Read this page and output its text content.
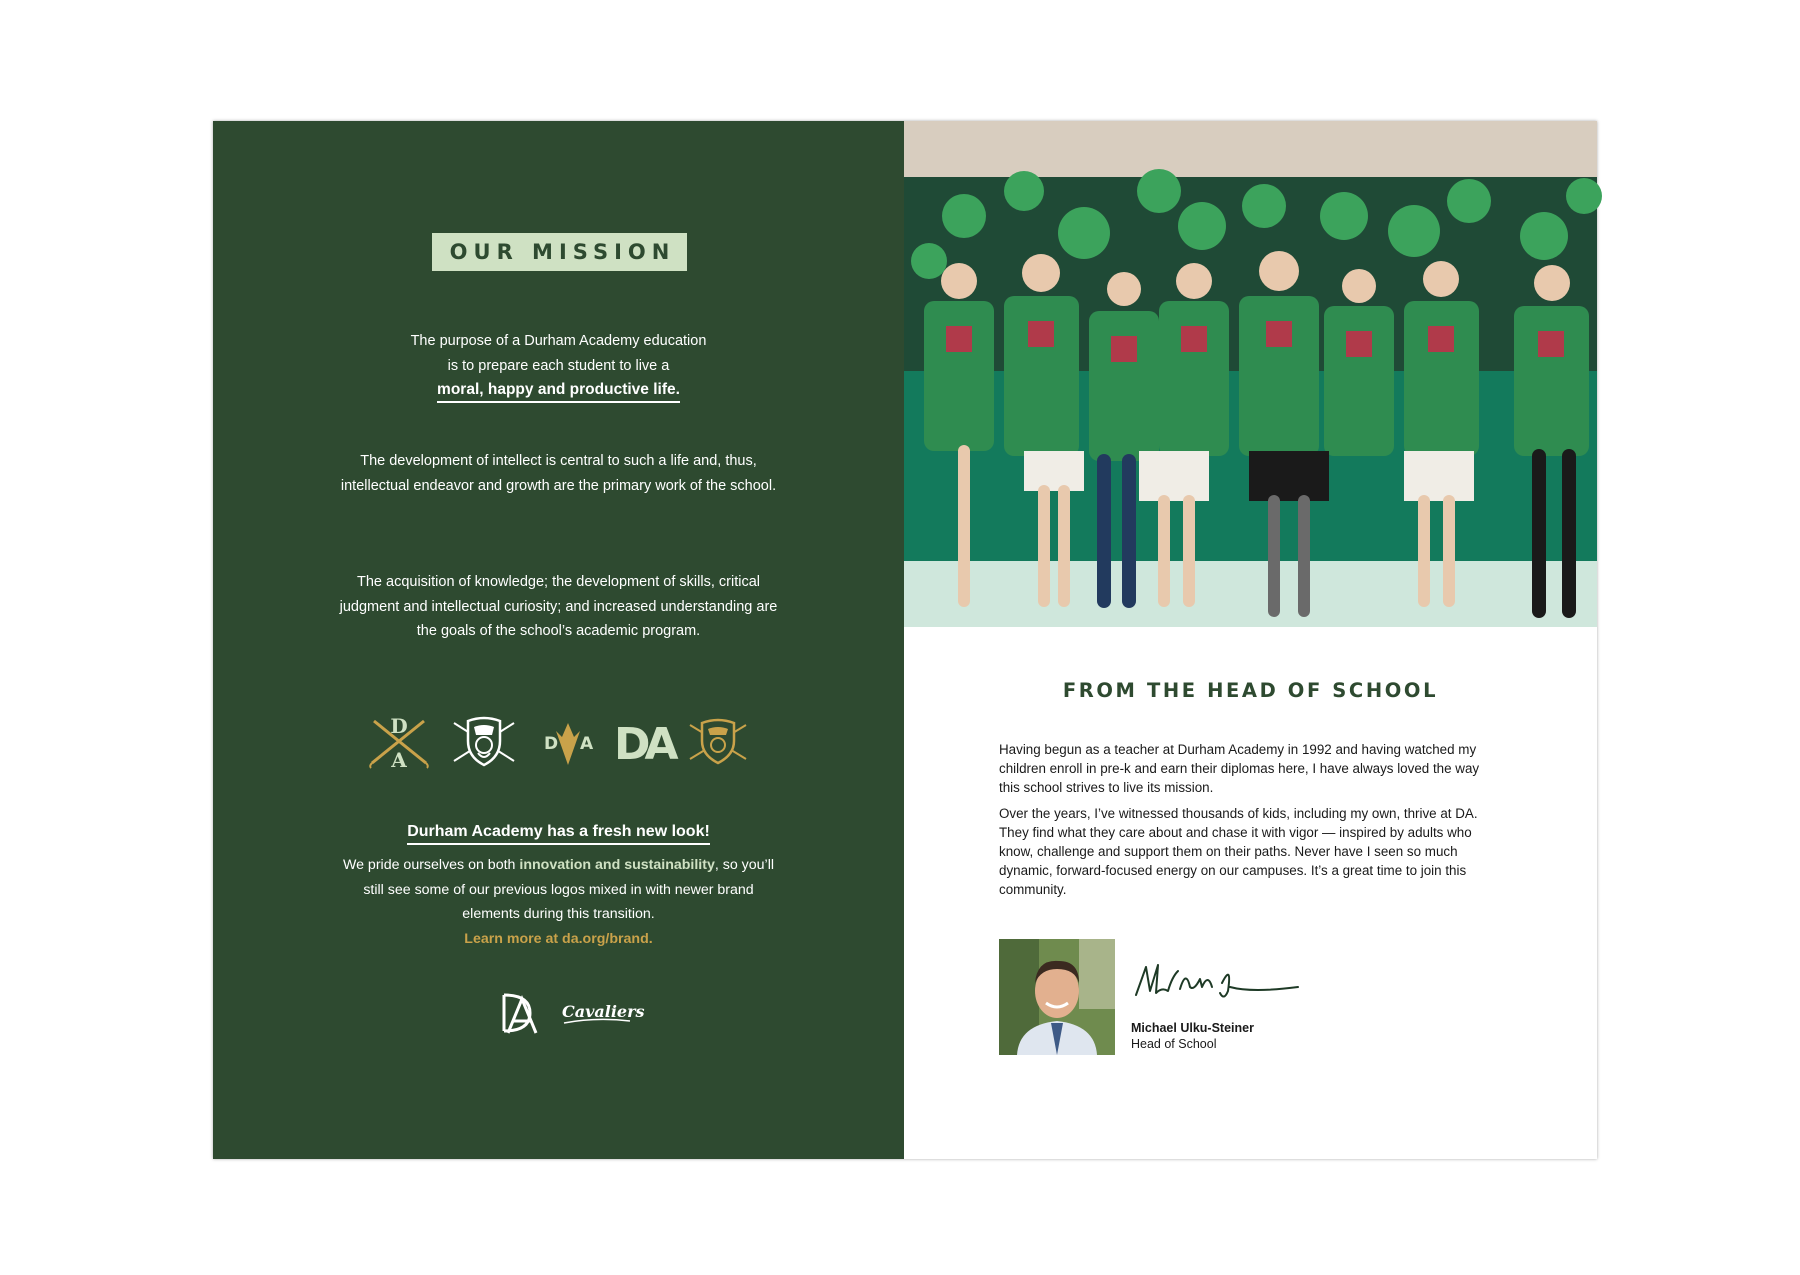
OUR MISSION
The purpose of a Durham Academy education
is to prepare each student to live a
moral, happy and productive life.
The development of intellect is central to such a life and, thus, intellectual endeavor and growth are the primary work of the school.
The acquisition of knowledge; the development of skills, critical judgment and intellectual curiosity; and increased understanding are the goals of the school’s academic program.
D
A
D A DA
Durham Academy has a fresh new look!
We pride ourselves on both innovation and sustainability, so you’ll still see some of our previous logos mixed in with newer brand elements during this transition.
Learn more at da.org/brand.
Cavaliers
FROM THE HEAD OF SCHOOL

Having begun as a teacher at Durham Academy in 1992 and having watched my children enroll in pre-k and earn their diplomas here, I have always loved the way this school strives to live its mission.

Over the years, I’ve witnessed thousands of kids, including my own, thrive at DA. They find what they care about and chase it with vigor — inspired by adults who know, challenge and support them on their paths. Never have I seen so much dynamic, forward-focused energy on our campuses. It’s a great time to join this community.

Michael Ulku-Steiner
Head of School
